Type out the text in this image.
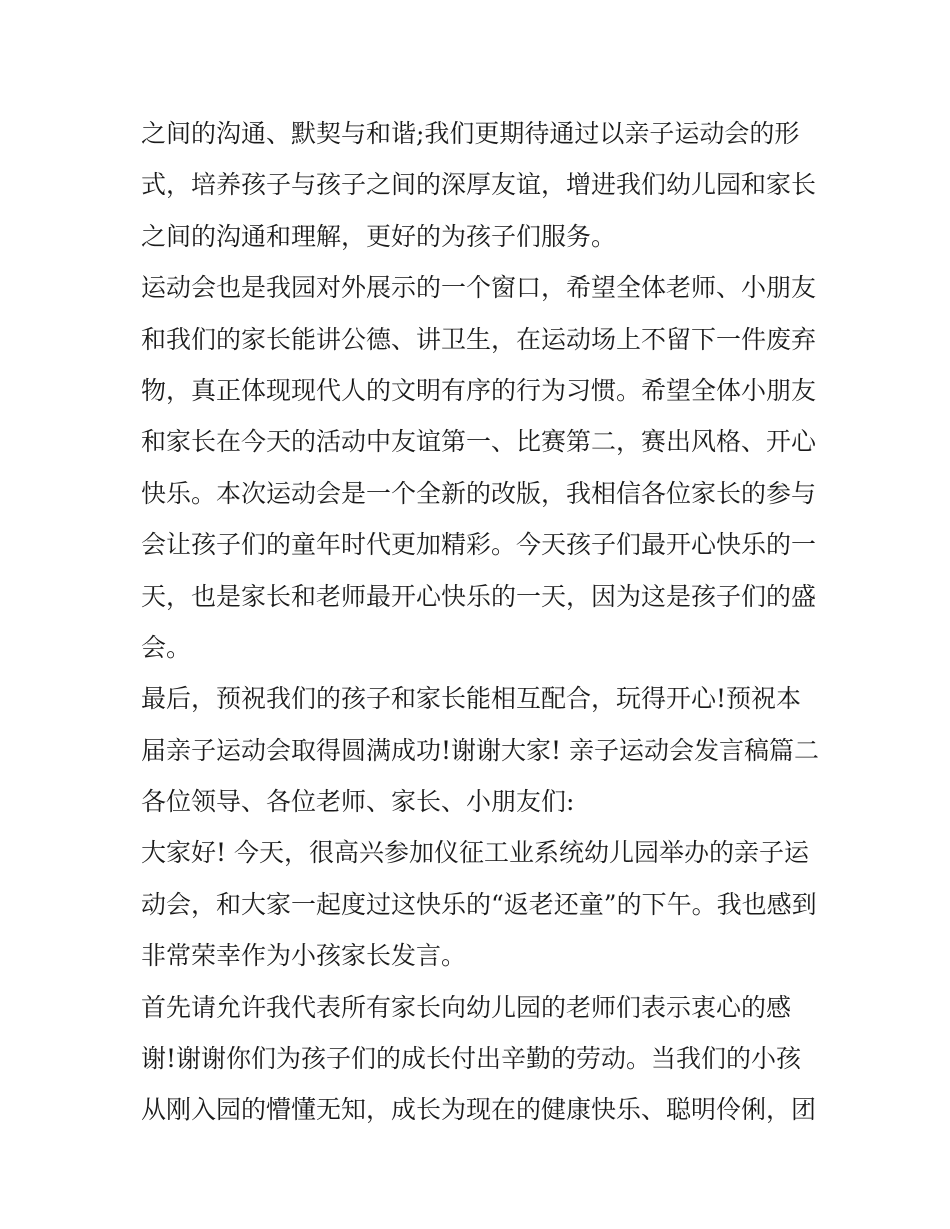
之间的沟通、默契与和谐;我们更期待通过以亲子运动会的形
式，培养孩子与孩子之间的深厚友谊，增进我们幼儿园和家长
之间的沟通和理解，更好的为孩子们服务。
运动会也是我园对外展示的一个窗口，希望全体老师、小朋友
和我们的家长能讲公德、讲卫生，在运动场上不留下一件废弃
物，真正体现现代人的文明有序的行为习惯。希望全体小朋友
和家长在今天的活动中友谊第一、比赛第二，赛出风格、开心
快乐。本次运动会是一个全新的改版，我相信各位家长的参与
会让孩子们的童年时代更加精彩。今天孩子们最开心快乐的一
天，也是家长和老师最开心快乐的一天，因为这是孩子们的盛
会。
最后，预祝我们的孩子和家长能相互配合，玩得开心!预祝本
届亲子运动会取得圆满成功!谢谢大家! 亲子运动会发言稿篇二
各位领导、各位老师、家长、小朋友们:
大家好! 今天，很高兴参加仪征工业系统幼儿园举办的亲子运
动会，和大家一起度过这快乐的“返老还童”的下午。我也感到
非常荣幸作为小孩家长发言。
首先请允许我代表所有家长向幼儿园的老师们表示衷心的感
谢!谢谢你们为孩子们的成长付出辛勤的劳动。当我们的小孩
从刚入园的懵懂无知，成长为现在的健康快乐、聪明伶俐，团
